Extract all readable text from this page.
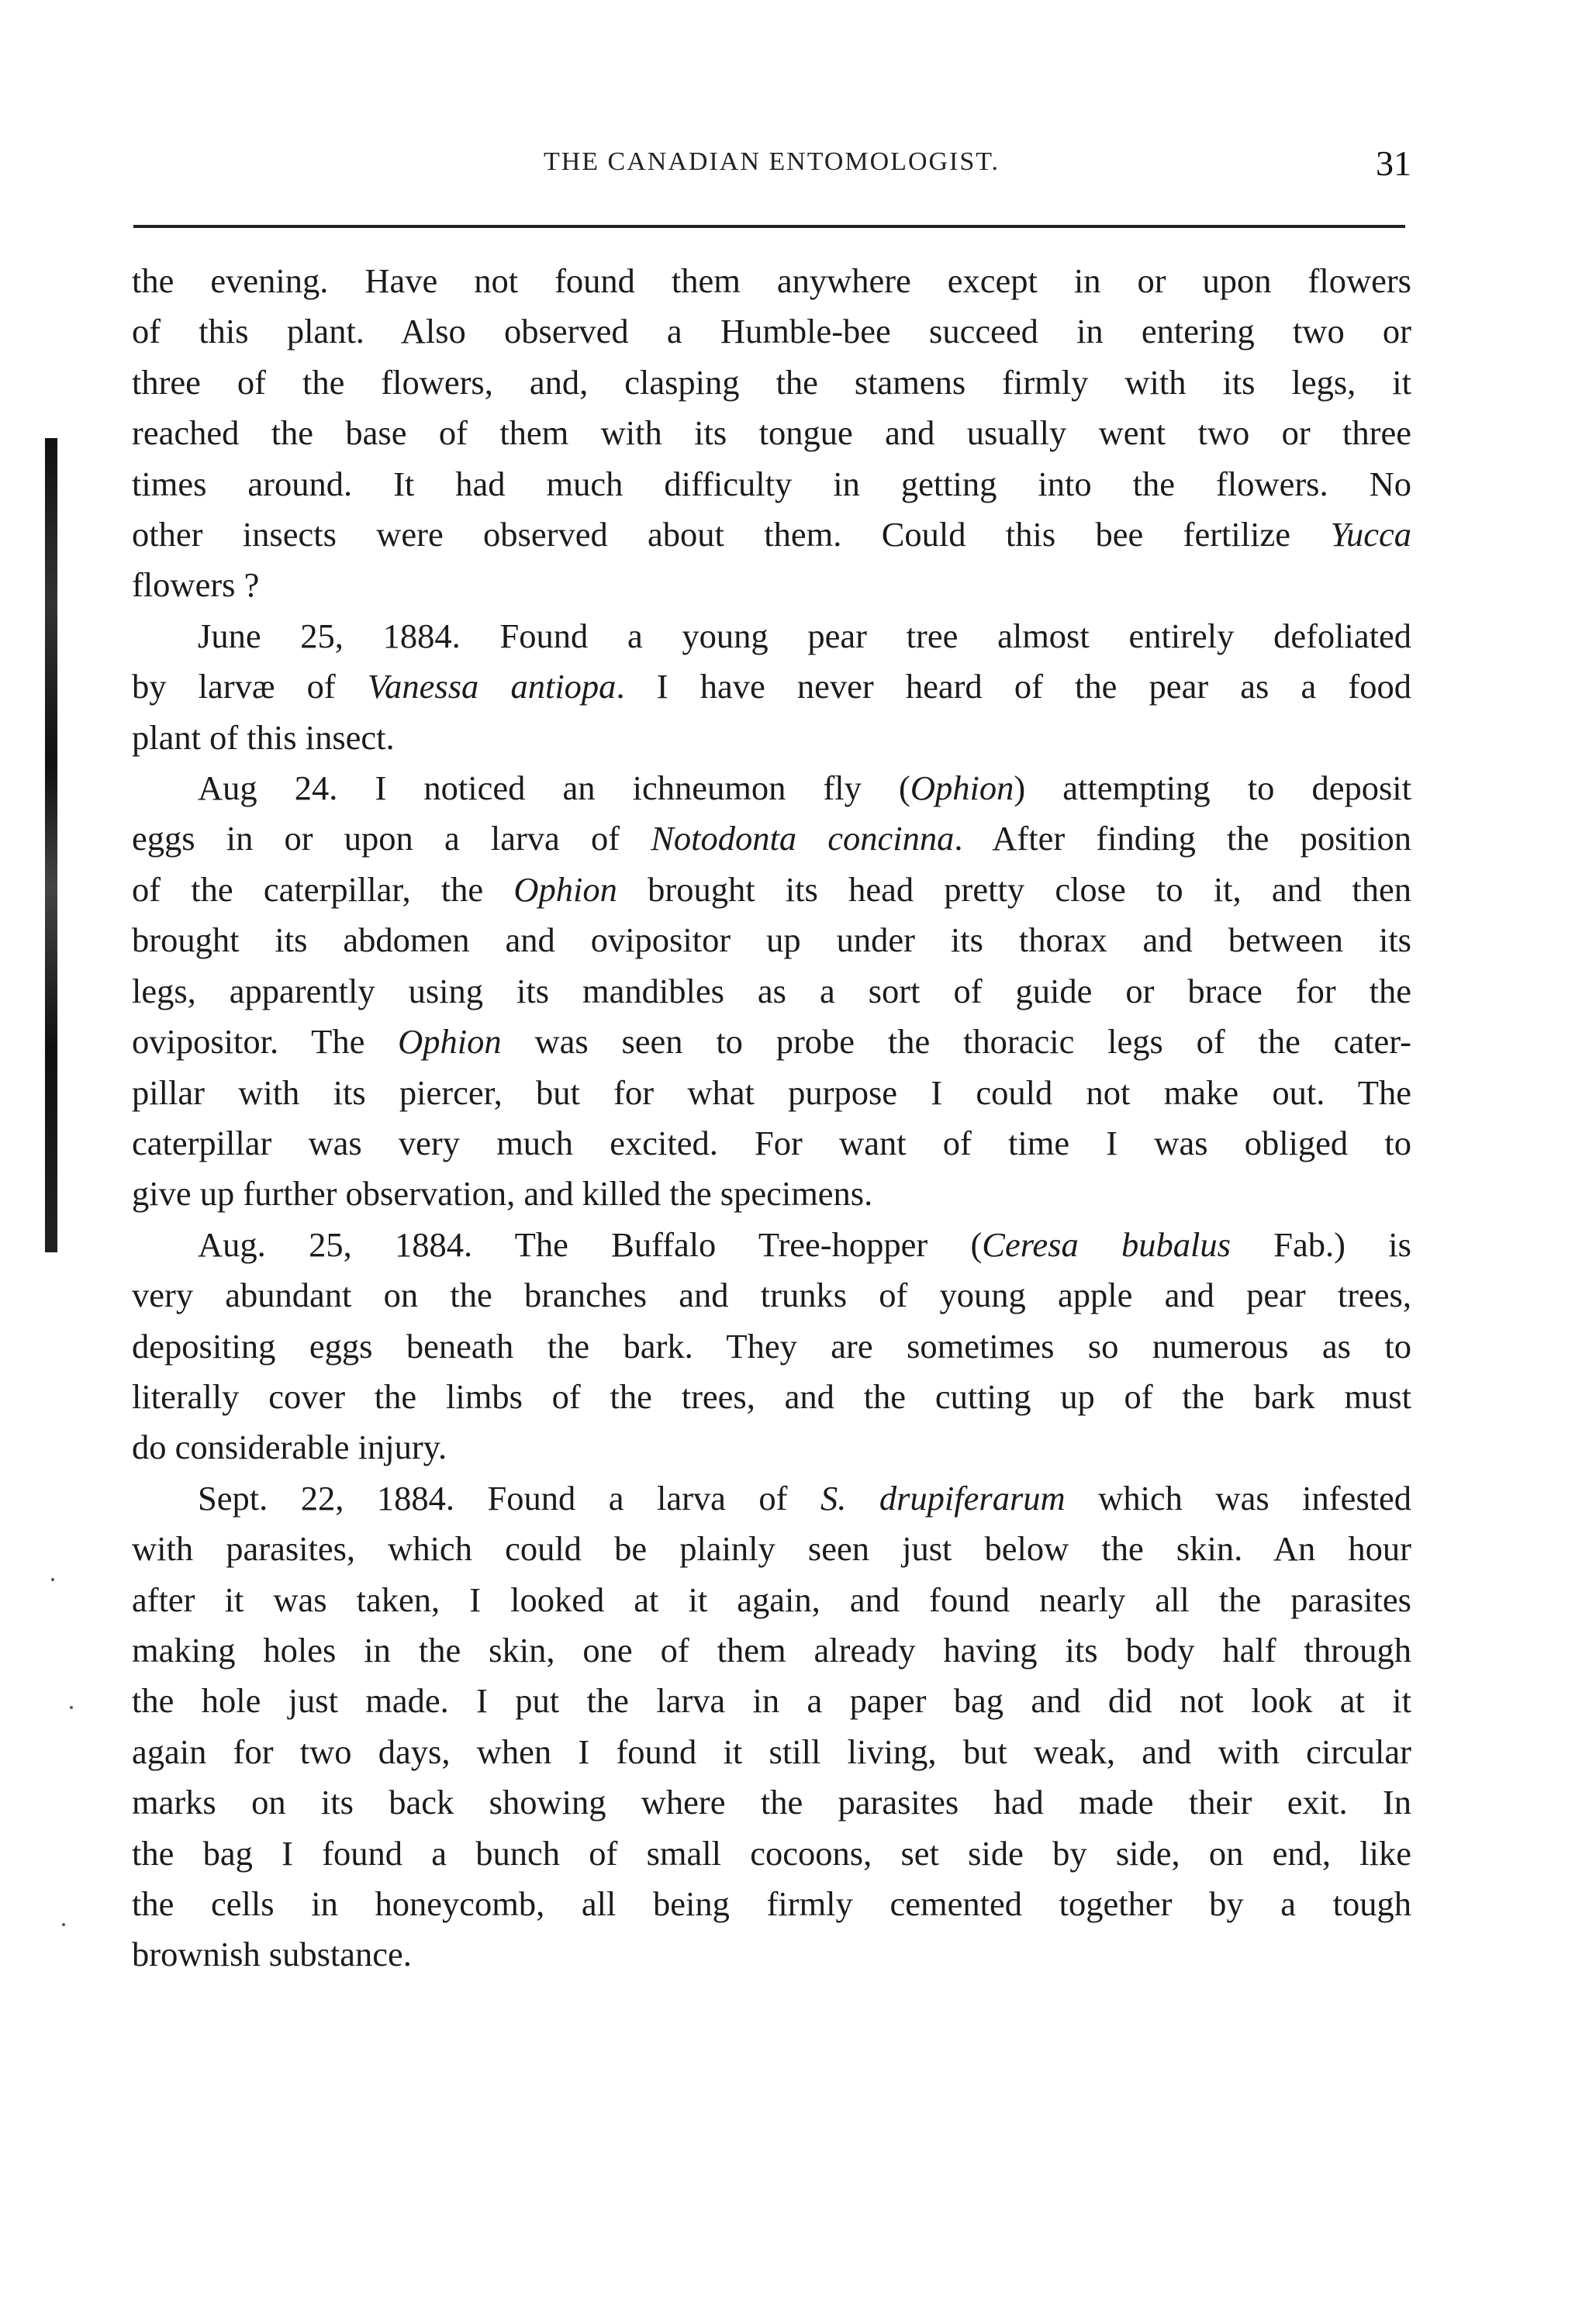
THE CANADIAN ENTOMOLOGIST.	31

the evening. Have not found them anywhere except in or upon flowers
of this plant. Also observed a Humble-bee succeed in entering two or
three of the flowers, and, clasping the stamens firmly with its legs, it
reached the base of them with its tongue and usually went two or three
times around. It had much difficulty in getting into the flowers. No
other insects were observed about them. Could this bee fertilize Yucca
flowers ?

June 25, 1884. Found a young pear tree almost entirely defoliated
by larvæ of Vanessa antiopa. I have never heard of the pear as a food
plant of this insect.

Aug 24. I noticed an ichneumon fly (Ophion) attempting to deposit
eggs in or upon a larva of Notodonta concinna. After finding the position
of the caterpillar, the Ophion brought its head pretty close to it, and then
brought its abdomen and ovipositor up under its thorax and between its
legs, apparently using its mandibles as a sort of guide or brace for the
ovipositor. The Ophion was seen to probe the thoracic legs of the cater-
pillar with its piercer, but for what purpose I could not make out. The
caterpillar was very much excited. For want of time I was obliged to
give up further observation, and killed the specimens.

Aug. 25, 1884. The Buffalo Tree-hopper (Ceresa bubalus Fab.) is
very abundant on the branches and trunks of young apple and pear trees,
depositing eggs beneath the bark. They are sometimes so numerous as to
literally cover the limbs of the trees, and the cutting up of the bark must
do considerable injury.

Sept. 22, 1884. Found a larva of S. drupiferarum which was infested
with parasites, which could be plainly seen just below the skin. An hour
after it was taken, I looked at it again, and found nearly all the parasites
making holes in the skin, one of them already having its body half through
the hole just made. I put the larva in a paper bag and did not look at it
again for two days, when I found it still living, but weak, and with circular
marks on its back showing where the parasites had made their exit. In
the bag I found a bunch of small cocoons, set side by side, on end, like
the cells in honeycomb, all being firmly cemented together by a tough
brownish substance.
